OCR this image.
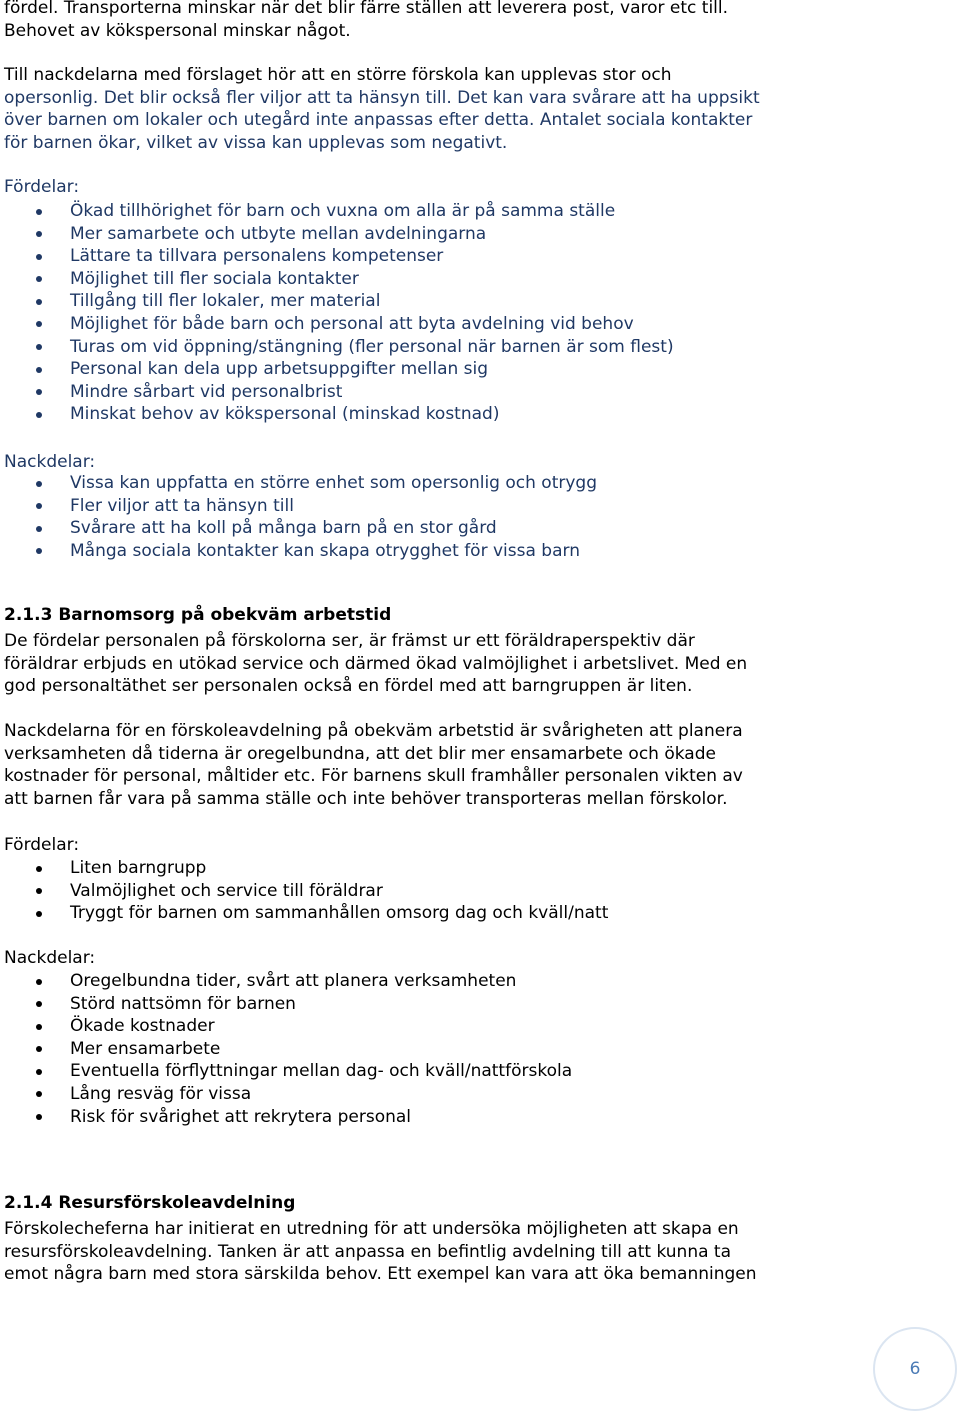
fördel. Transporterna minskar när det blir färre ställen att leverera post, varor etc till.
Behovet av kökspersonal minskar något.

Till nackdelarna med förslaget hör att en större förskola kan upplevas stor och
opersonlig. Det blir också fler viljor att ta hänsyn till. Det kan vara svårare att ha uppsikt
över barnen om lokaler och utegård inte anpassas efter detta. Antalet sociala kontakter
för barnen ökar, vilket av vissa kan upplevas som negativt.

Fördelar:

Ökad tillhörighet för barn och vuxna om alla är på samma ställe
Mer samarbete och utbyte mellan avdelningarna
Lättare ta tillvara personalens kompetenser
Möjlighet till fler sociala kontakter
Tillgång till fler lokaler, mer material
Möjlighet för både barn och personal att byta avdelning vid behov
Turas om vid öppning/stängning (fler personal när barnen är som flest)
Personal kan dela upp arbetsuppgifter mellan sig
Mindre sårbart vid personalbrist
Minskat behov av kökspersonal (minskad kostnad)

Nackdelar:

Vissa kan uppfatta en större enhet som opersonlig och otrygg
Fler viljor att ta hänsyn till
Svårare att ha koll på många barn på en stor gård
Många sociala kontakter kan skapa otrygghet för vissa barn

2.1.3 Barnomsorg på obekväm arbetstid

De fördelar personalen på förskolorna ser, är främst ur ett föräldraperspektiv där
föräldrar erbjuds en utökad service och därmed ökad valmöjlighet i arbetslivet. Med en
god personaltäthet ser personalen också en fördel med att barngruppen är liten.

Nackdelarna för en förskoleavdelning på obekväm arbetstid är svårigheten att planera
verksamheten då tiderna är oregelbundna, att det blir mer ensamarbete och ökade
kostnader för personal, måltider etc. För barnens skull framhåller personalen vikten av
att barnen får vara på samma ställe och inte behöver transporteras mellan förskolor.

Fördelar:

Liten barngrupp
Valmöjlighet och service till föräldrar
Tryggt för barnen om sammanhållen omsorg dag och kväll/natt

Nackdelar:

Oregelbundna tider, svårt att planera verksamheten
Störd nattsömn för barnen
Ökade kostnader
Mer ensamarbete
Eventuella förflyttningar mellan dag- och kväll/nattförskola
Lång resväg för vissa
Risk för svårighet att rekrytera personal

2.1.4 Resursförskoleavdelning

Förskolecheferna har initierat en utredning för att undersöka möjligheten att skapa en
resursförskoleavdelning. Tanken är att anpassa en befintlig avdelning till att kunna ta
emot några barn med stora särskilda behov. Ett exempel kan vara att öka bemanningen

6
